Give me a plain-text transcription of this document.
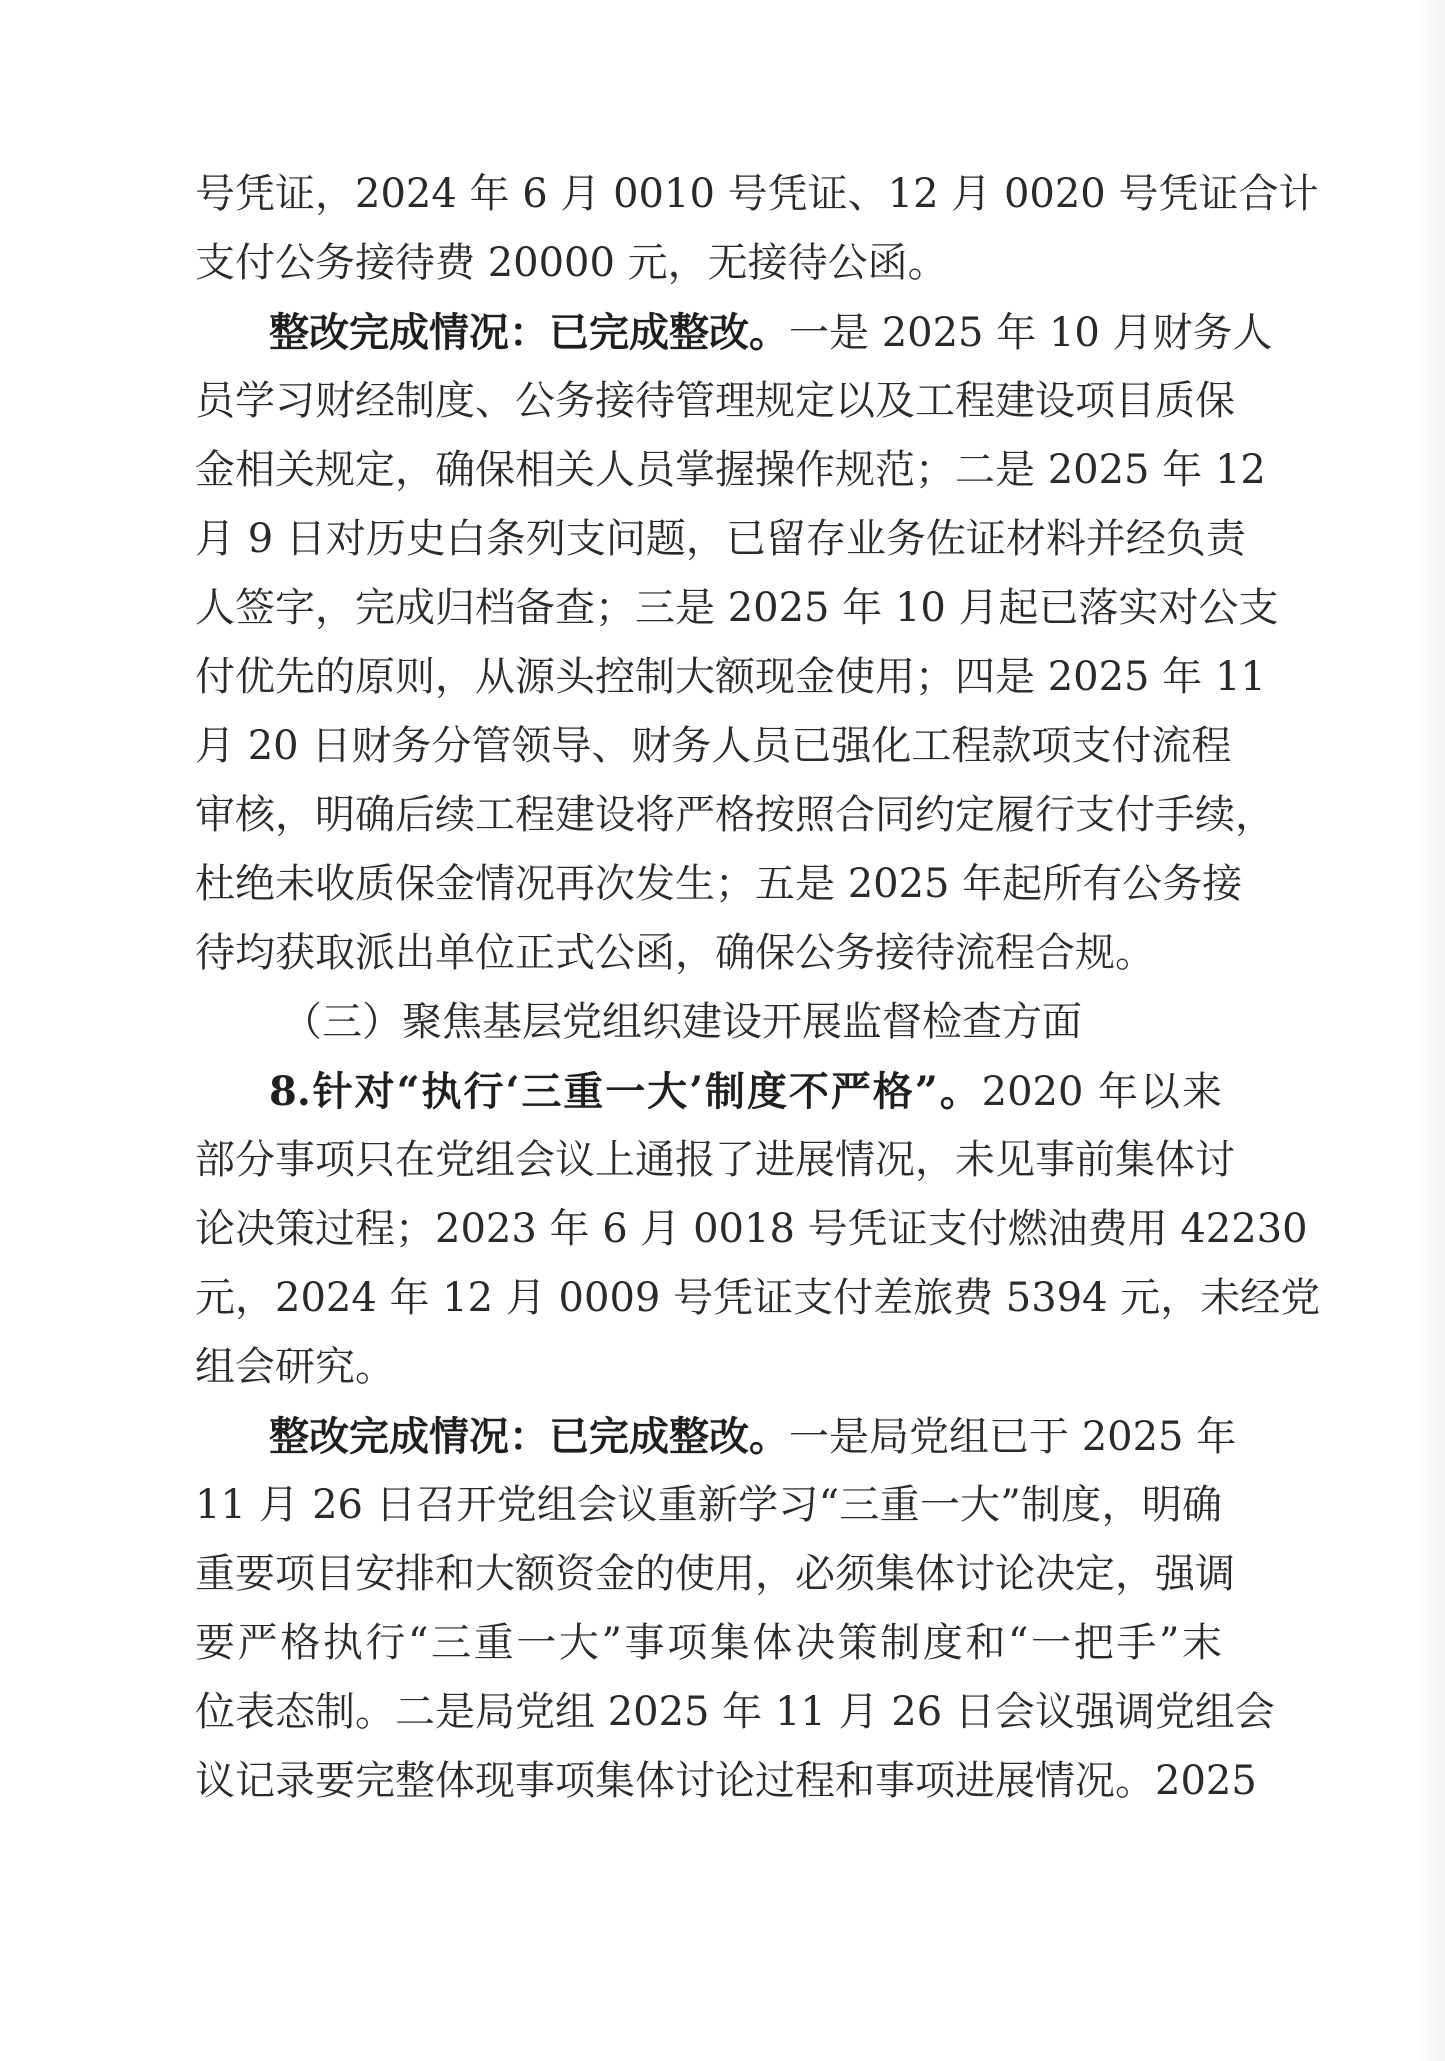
号凭证，2024 年 6 月 0010 号凭证、12 月 0020 号凭证合计
支付公务接待费 20000 元，无接待公函。
整改完成情况：已完成整改。一是 2025 年 10 月财务人
员学习财经制度、公务接待管理规定以及工程建设项目质保
金相关规定，确保相关人员掌握操作规范；二是 2025 年 12
月 9 日对历史白条列支问题，已留存业务佐证材料并经负责
人签字，完成归档备查；三是 2025 年 10 月起已落实对公支
付优先的原则，从源头控制大额现金使用；四是 2025 年 11
月 20 日财务分管领导、财务人员已强化工程款项支付流程
审核，明确后续工程建设将严格按照合同约定履行支付手续，
杜绝未收质保金情况再次发生；五是 2025 年起所有公务接
待均获取派出单位正式公函，确保公务接待流程合规。
（三）聚焦基层党组织建设开展监督检查方面
8.针对“执行‘三重一大’制度不严格”。2020 年以来
部分事项只在党组会议上通报了进展情况，未见事前集体讨
论决策过程；2023 年 6 月 0018 号凭证支付燃油费用 42230
元，2024 年 12 月 0009 号凭证支付差旅费 5394 元，未经党
组会研究。
整改完成情况：已完成整改。一是局党组已于 2025 年
11 月 26 日召开党组会议重新学习“三重一大”制度，明确
重要项目安排和大额资金的使用，必须集体讨论决定，强调
要严格执行“三重一大”事项集体决策制度和“一把手”末
位表态制。二是局党组 2025 年 11 月 26 日会议强调党组会
议记录要完整体现事项集体讨论过程和事项进展情况。2025
